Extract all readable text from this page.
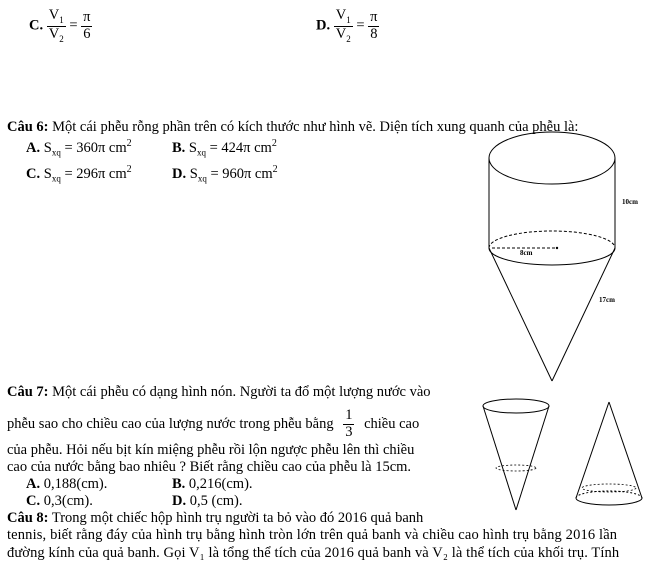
C. $\frac{V_1}{V_2} = \frac{\pi}{6}$	D. $\frac{V_1}{V_2} = \frac{\pi}{8}$
Câu 6: Một cái phễu rỗng phần trên có kích thước như hình vẽ. Diện tích xung quanh của phễu là:
A. $S_{xq} = 360\pi$ $cm^2$	B. $S_{xq} = 424\pi$ $cm^2$
C. $S_{xq} = 296\pi$ $cm^2$	D. $S_{xq} = 960\pi$ $cm^2$
10cm
8cm
17cm
Câu 7: Một cái phễu có dạng hình nón. Người ta đổ một lượng nước vào
phễu sao cho chiều cao của lượng nước trong phễu bằng $\frac{1}{3}$ chiều cao
của phễu. Hỏi nếu bịt kín miệng phễu rồi lộn ngược phễu lên thì chiều
cao của nước bằng bao nhiêu ? Biết rằng chiều cao của phễu là 15cm.
A. 0,188(cm).	B. 0,216(cm).
C. 0,3(cm).	D. 0,5 (cm).
Câu 8: Trong một chiếc hộp hình trụ người ta bỏ vào đó 2016 quả banh
tennis, biết rằng đáy của hình trụ bằng hình tròn lớn trên quả banh và chiều cao hình trụ bằng 2016 lần
đường kính của quả banh. Gọi V₁ là tổng thể tích của 2016 quả banh và V₂ là thể tích của khối trụ. Tính
